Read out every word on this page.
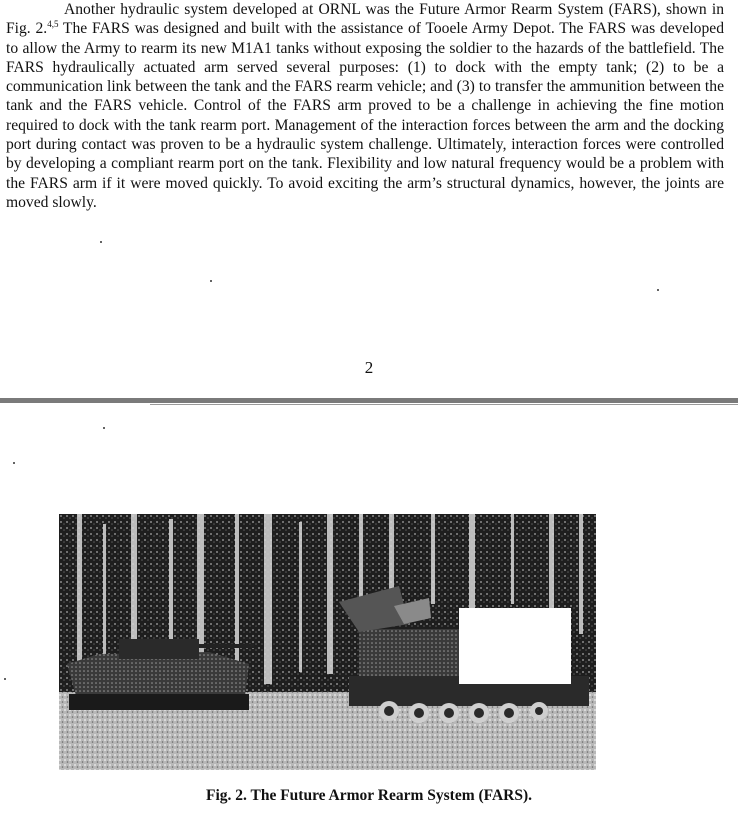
Another hydraulic system developed at ORNL was the Future Armor Rearm System (FARS), shown in Fig. 2.$^{4,5}$ The FARS was designed and built with the assistance of Tooele Army Depot. The FARS was developed to allow the Army to rearm its new M1A1 tanks without exposing the soldier to the hazards of the battlefield. The FARS hydraulically actuated arm served several purposes: (1) to dock with the empty tank; (2) to be a communication link between the tank and the FARS rearm vehicle; and (3) to transfer the ammunition between the tank and the FARS vehicle. Control of the FARS arm proved to be a challenge in achieving the fine motion required to dock with the tank rearm port. Management of the interaction forces between the arm and the docking port during contact was proven to be a hydraulic system challenge. Ultimately, interaction forces were controlled by developing a compliant rearm port on the tank. Flexibility and low natural frequency would be a problem with the FARS arm if it were moved quickly. To avoid exciting the arm’s structural dynamics, however, the joints are moved slowly.

2
Fig. 2. The Future Armor Rearm System (FARS).
